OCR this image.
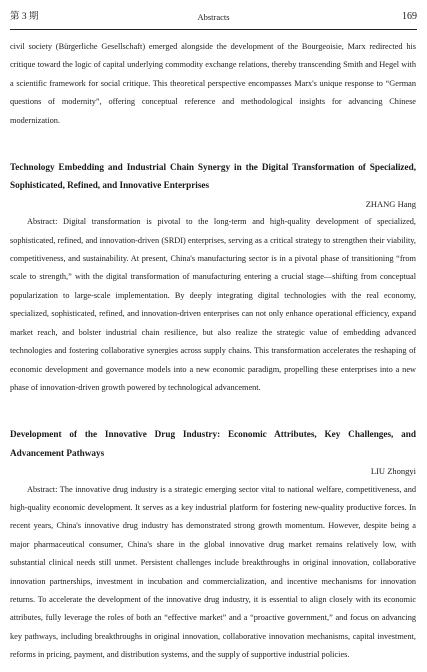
第 3 期	Abstracts	169

civil society (Bürgerliche Gesellschaft) emerged alongside the development of the Bourgeoisie, Marx redirected his critique toward the logic of capital underlying commodity exchange relations, thereby transcending Smith and Hegel with a scientific framework for social critique. This theoretical perspective encompasses Marx's unique response to “German questions of modernity”, offering conceptual reference and methodological insights for advancing Chinese modernization.

Technology Embedding and Industrial Chain Synergy in the Digital Transformation of Specialized, Sophisticated, Refined, and Innovative Enterprises

ZHANG Hang

Abstract: Digital transformation is pivotal to the long-term and high-quality development of specialized, sophisticated, refined, and innovation-driven (SRDI) enterprises, serving as a critical strategy to strengthen their viability, competitiveness, and sustainability. At present, China's manufacturing sector is in a pivotal phase of transitioning “from scale to strength,” with the digital transformation of manufacturing entering a crucial stage—shifting from conceptual popularization to large-scale implementation. By deeply integrating digital technologies with the real economy, specialized, sophisticated, refined, and innovation-driven enterprises can not only enhance operational efficiency, expand market reach, and bolster industrial chain resilience, but also realize the strategic value of embedding advanced technologies and fostering collaborative synergies across supply chains. This transformation accelerates the reshaping of economic development and governance models into a new economic paradigm, propelling these enterprises into a new phase of innovation-driven growth powered by technological advancement.

Development of the Innovative Drug Industry: Economic Attributes, Key Challenges, and Advancement Pathways

LIU Zhongyi

Abstract: The innovative drug industry is a strategic emerging sector vital to national welfare, competitiveness, and high-quality economic development. It serves as a key industrial platform for fostering new-quality productive forces. In recent years, China's innovative drug industry has demonstrated strong growth momentum. However, despite being a major pharmaceutical consumer, China's share in the global innovative drug market remains relatively low, with substantial clinical needs still unmet. Persistent challenges include breakthroughs in original innovation, collaborative innovation partnerships, investment in incubation and commercialization, and incentive mechanisms for innovation returns. To accelerate the development of the innovative drug industry, it is essential to align closely with its economic attributes, fully leverage the roles of both an “effective market” and a “proactive government,” and focus on advancing key pathways, including breakthroughs in original innovation, collaborative innovation mechanisms, capital investment, reforms in pricing, payment, and distribution systems, and the supply of supportive industrial policies.
